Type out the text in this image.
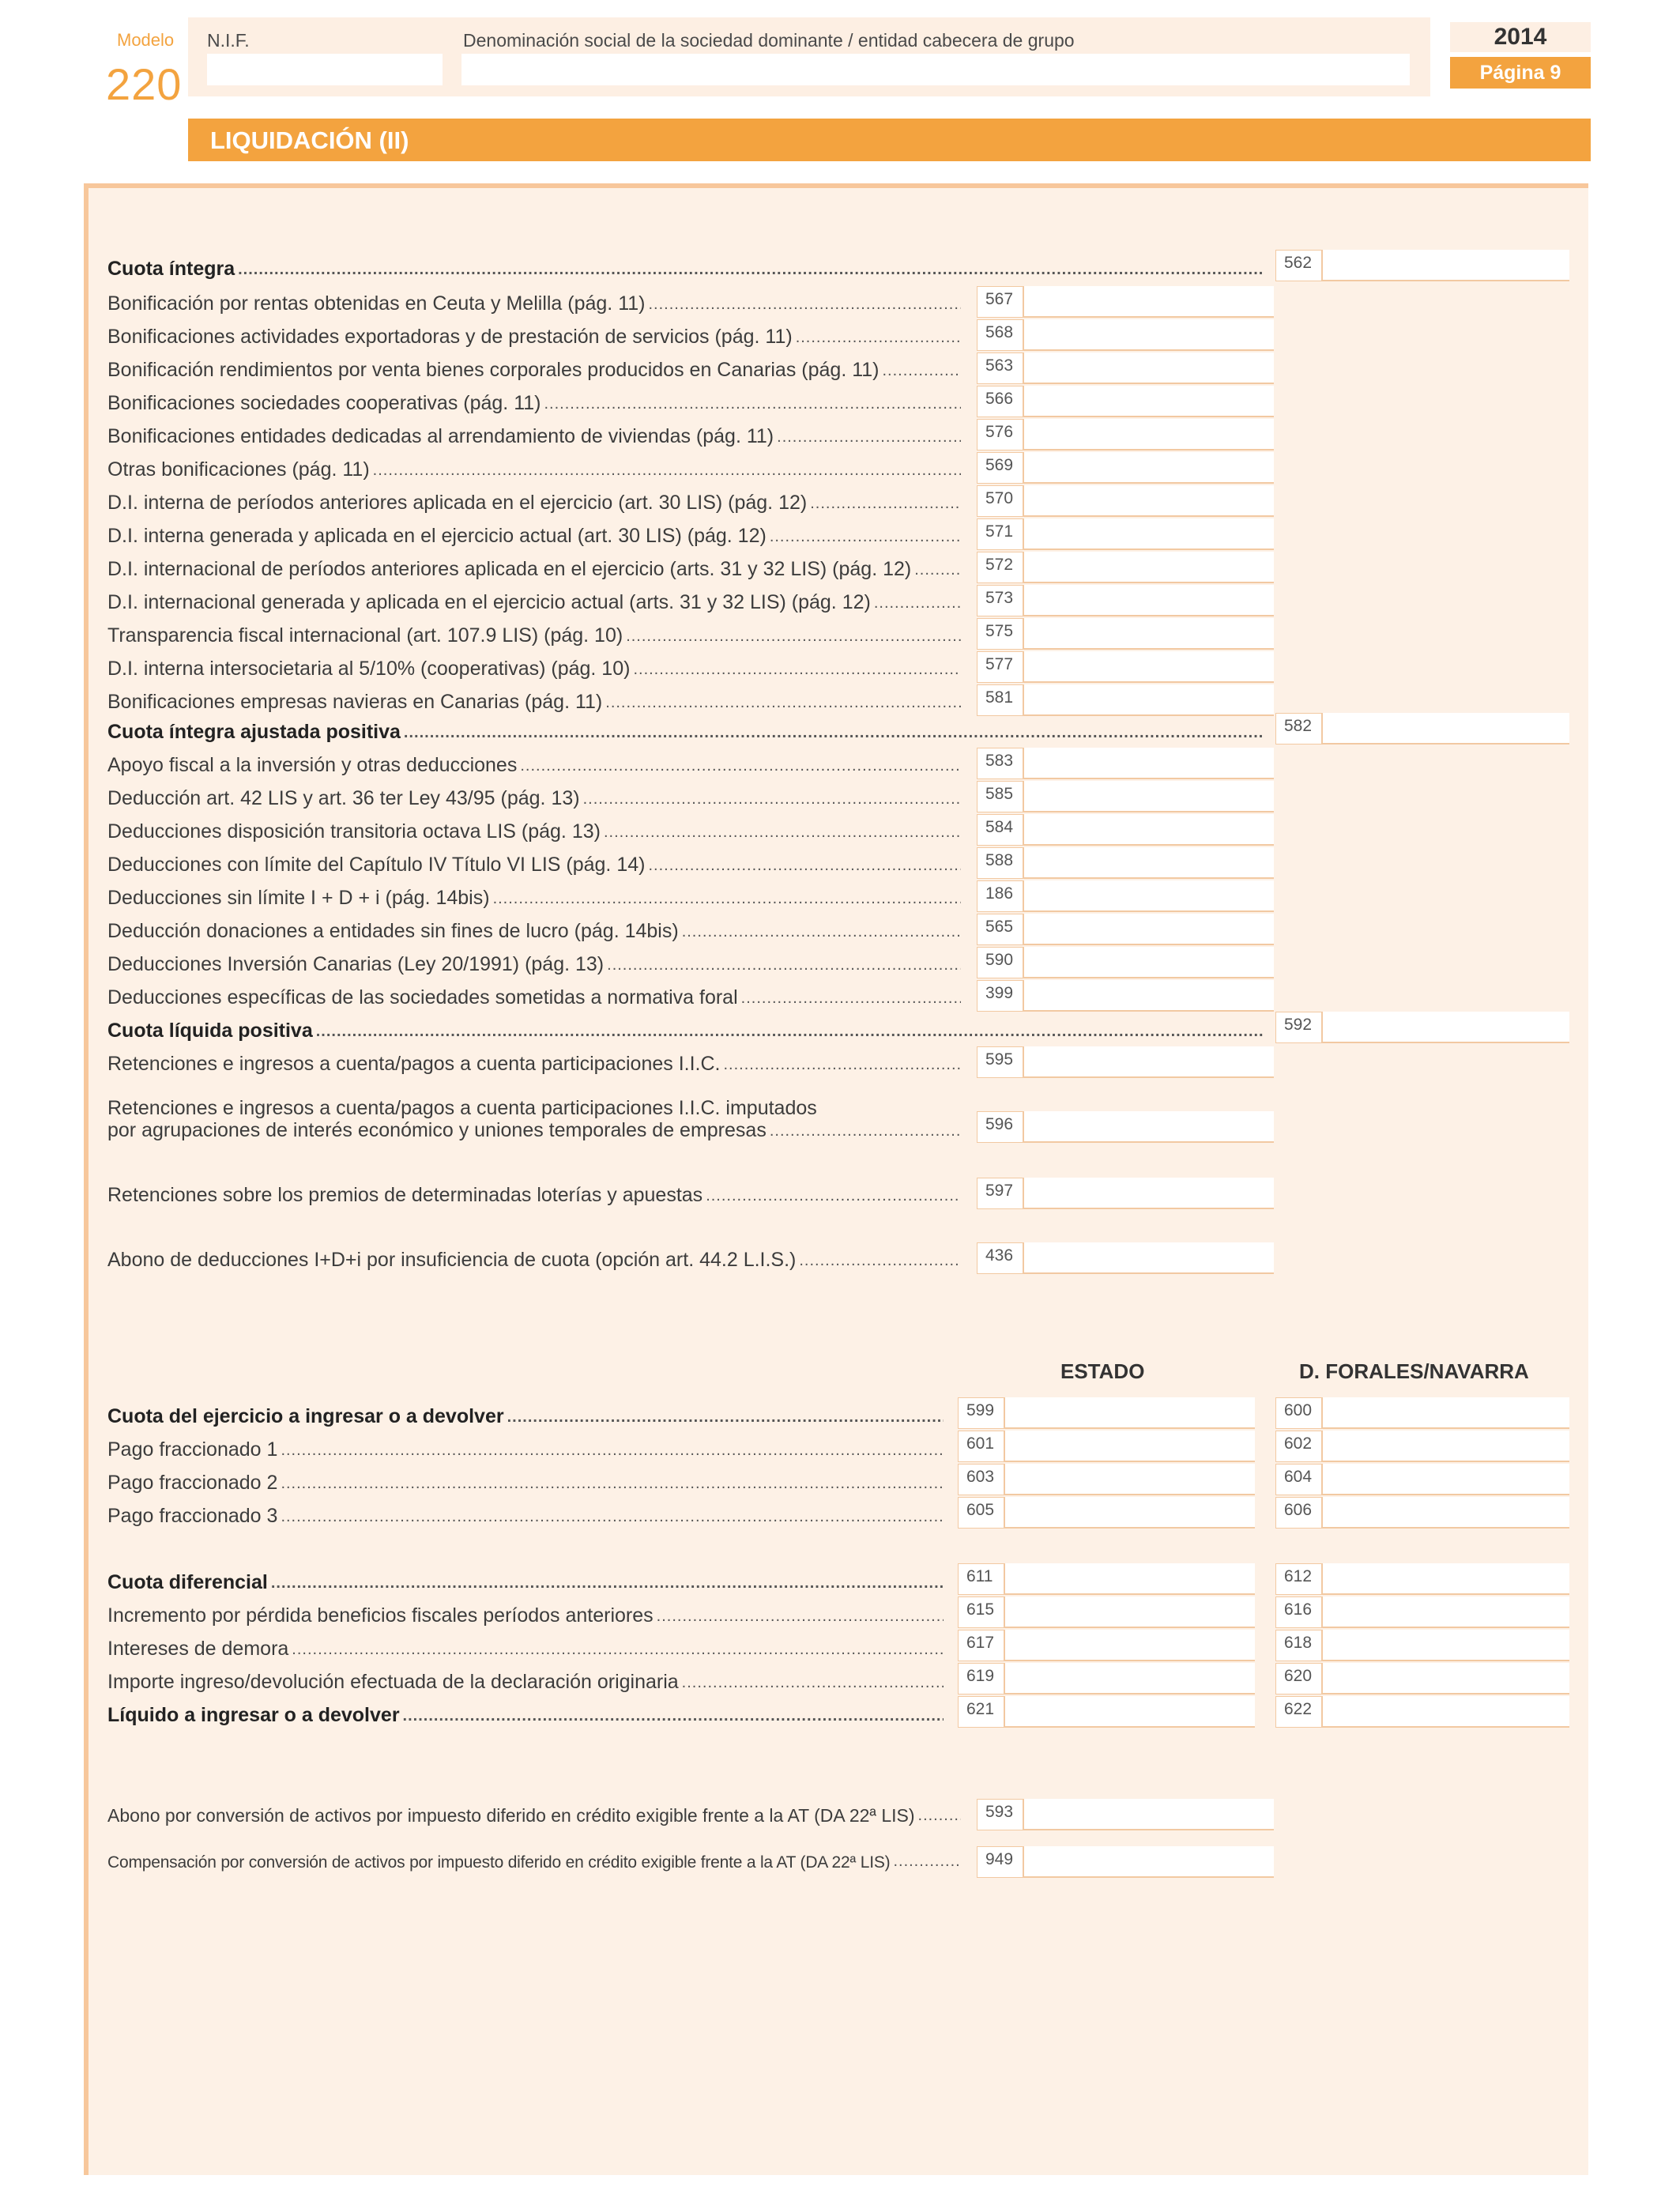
Modelo
220
N.I.F.	Denominación social de la sociedad dominante / entidad cabecera de grupo	2014
Página 9
LIQUIDACIÓN (II)
Cuota íntegra .....	562
Bonificación por rentas obtenidas en Ceuta y Melilla (pág. 11) .....	567
Bonificaciones actividades exportadoras y de prestación de servicios (pág. 11) .....	568
Bonificación rendimientos por venta bienes corporales producidos en Canarias (pág. 11) .....	563
Bonificaciones sociedades cooperativas (pág. 11) .....	566
Bonificaciones entidades dedicadas al arrendamiento de viviendas (pág. 11) .....	576
Otras bonificaciones (pág. 11) .....	569
D.I. interna de períodos anteriores aplicada en el ejercicio (art. 30 LIS) (pág. 12) .....	570
D.I. interna generada y aplicada en el ejercicio actual (art. 30 LIS) (pág. 12) .....	571
D.I. internacional de períodos anteriores aplicada en el ejercicio (arts. 31 y 32 LIS) (pág. 12) .....	572
D.I. internacional generada y aplicada en el ejercicio actual (arts. 31 y 32 LIS) (pág. 12) .....	573
Transparencia fiscal internacional (art. 107.9 LIS) (pág. 10) .....	575
D.I. interna intersocietaria al 5/10% (cooperativas) (pág. 10) .....	577
Bonificaciones empresas navieras en Canarias (pág. 11) .....	581
Cuota íntegra ajustada positiva .....	582
Apoyo fiscal a la inversión y otras deducciones .....	583
Deducción art. 42 LIS y art. 36 ter Ley 43/95 (pág. 13) .....	585
Deducciones disposición transitoria octava LIS (pág. 13) .....	584
Deducciones con límite del Capítulo IV Título VI LIS (pág. 14) .....	588
Deducciones sin límite I + D + i (pág. 14bis) .....	186
Deducción donaciones a entidades sin fines de lucro (pág. 14bis) .....	565
Deducciones Inversión Canarias (Ley 20/1991) (pág. 13) .....	590
Deducciones específicas de las sociedades sometidas a normativa foral .....	399
Cuota líquida positiva .....	592
Retenciones e ingresos a cuenta/pagos a cuenta participaciones I.I.C. .....	595
Retenciones e ingresos a cuenta/pagos a cuenta participaciones I.I.C. imputados
por agrupaciones de interés económico y uniones temporales de empresas .....	596
Retenciones sobre los premios de determinadas loterías y apuestas .....	597
Abono de deducciones I+D+i por insuficiencia de cuota (opción art. 44.2 L.I.S.) .....	436
Cuota del ejercicio a ingresar o a devolver .....	599	600
Pago fraccionado 1 .....	601	602
Pago fraccionado 2 .....	603	604
Pago fraccionado 3 .....	605	606
Cuota diferencial .....	611	612
Incremento por pérdida beneficios fiscales períodos anteriores .....	615	616
Intereses de demora .....	617	618
Importe ingreso/devolución efectuada de la declaración originaria .....	619	620
Líquido a ingresar o a devolver .....	621	622
Abono por conversión de activos por impuesto diferido en crédito exigible frente a la AT (DA 22ª LIS) .....	593
Compensación por conversión de activos por impuesto diferido en crédito exigible frente a la AT (DA 22ª LIS) .....	949
ESTADO	D. FORALES/NAVARRA
